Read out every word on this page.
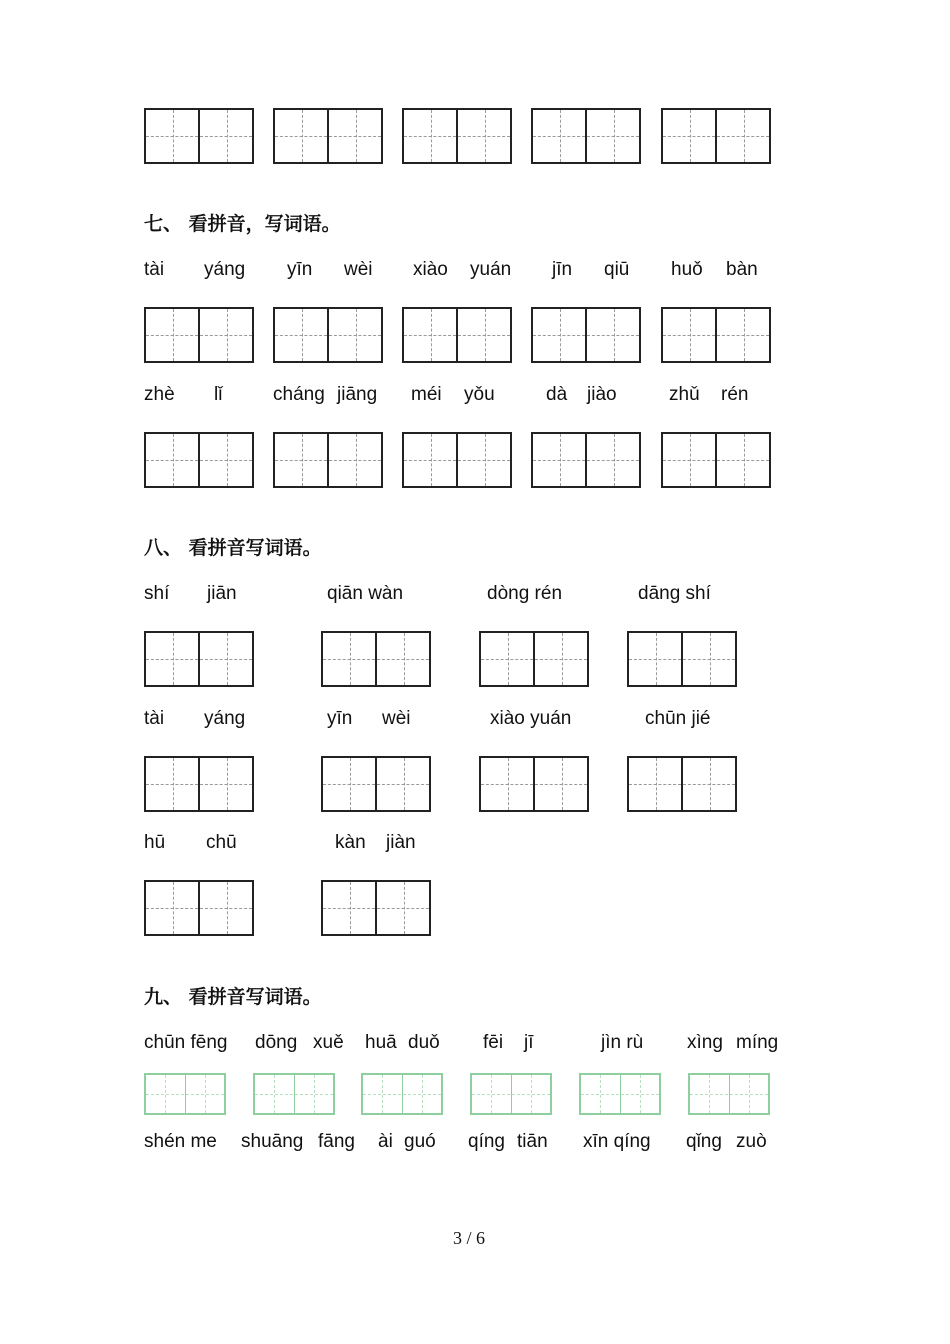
七、 看拼音，写词语。
tài yáng yīn wèi xiào yuán jīn qiū huǒ bàn
zhè lǐ	cháng jiāng méi yǒu	dà jiào	zhǔ rén
八、 看拼音写词语。
shí jiān	qiān wàn	dòng rén	dāng shí
tài yáng	yīn wèi	xiào yuán	chūn jié
hū chū	kàn jiàn
九、 看拼音写词语。
chūn fēng dōng xuě huā duǒ fēi jī	jìn rù xìng míng
shén me shuāng fāng ài guó qíng tiān xīn qíng qǐng zuò
3 / 6
